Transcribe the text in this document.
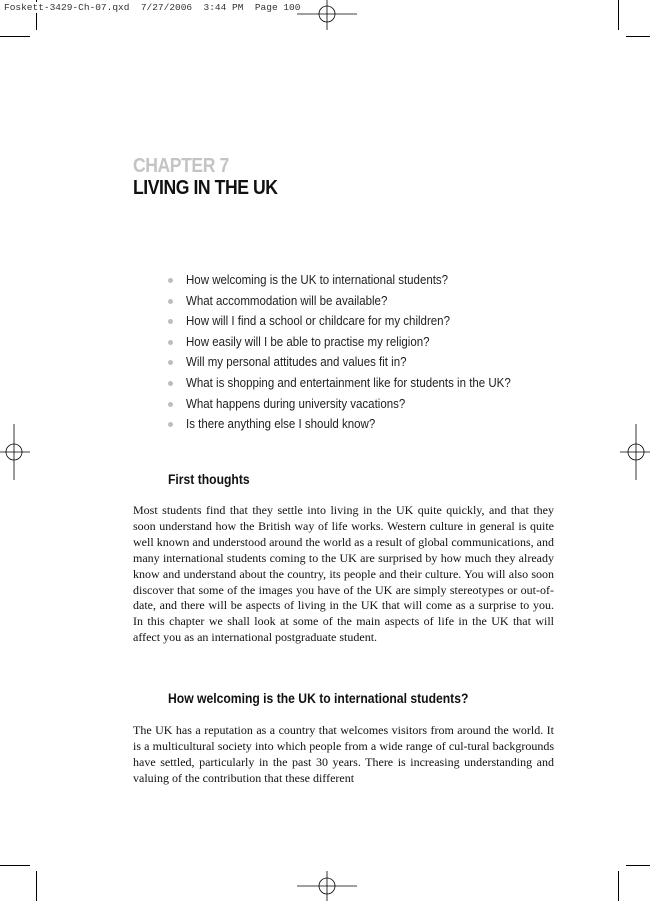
Foskett-3429-Ch-07.qxd  7/27/2006  3:44 PM  Page 100
CHAPTER 7
LIVING IN THE UK
How welcoming is the UK to international students?
What accommodation will be available?
How will I find a school or childcare for my children?
How easily will I be able to practise my religion?
Will my personal attitudes and values fit in?
What is shopping and entertainment like for students in the UK?
What happens during university vacations?
Is there anything else I should know?
First thoughts

Most students find that they settle into living in the UK quite quickly, and that they soon understand how the British way of life works. Western culture in general is quite well known and understood around the world as a result of global communications, and many international students coming to the UK are surprised by how much they already know and understand about the country, its people and their culture. You will also soon discover that some of the images you have of the UK are simply stereotypes or out-of-date, and there will be aspects of living in the UK that will come as a surprise to you. In this chapter we shall look at some of the main aspects of life in the UK that will affect you as an international postgraduate student.

How welcoming is the UK to international students?

The UK has a reputation as a country that welcomes visitors from around the world. It is a multicultural society into which people from a wide range of cul-tural backgrounds have settled, particularly in the past 30 years. There is increasing understanding and valuing of the contribution that these different
